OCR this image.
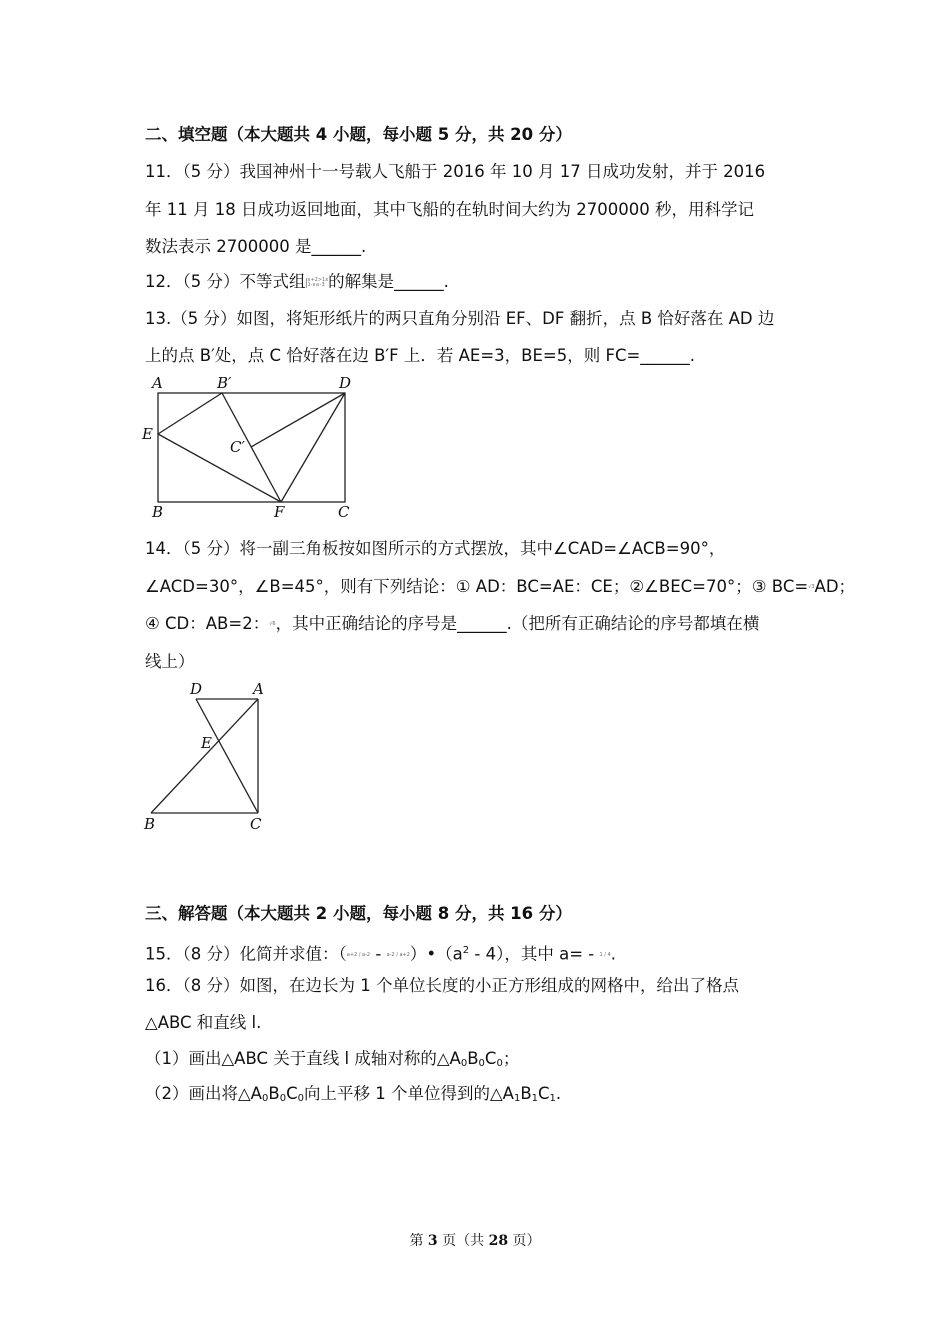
二、填空题（本大题共 4 小题，每小题 5 分，共 20 分）
11．（5 分）我国神州十一号载人飞船于 2016 年 10 月 17 日成功发射，并于 2016
年 11 月 18 日成功返回地面，其中飞船的在轨时间大约为 2700000 秒，用科学记
数法表示 2700000 是______.
12．（5 分）不等式组 x+2>1x
1-x≤-3 的解集是______.
13.（5 分）如图，将矩形纸片的两只直角分别沿 EF、DF 翻折，点 B 恰好落在 AD 边
上的点 B′处，点 C 恰好落在边 B′F 上．若 AE=3，BE=5，则 FC=______.
A	B′	D
E
C′
B	F	C
14．（5 分）将一副三角板按如图所示的方式摆放，其中∠CAD=∠ACB=90°，
∠ACD=30°，∠B=45°，则有下列结论：① AD：BC=AE：CE；②∠BEC=70°；③ BC=√3AD；
④ CD：AB=2：√6，其中正确结论的序号是______.（把所有正确结论的序号都填在横
线上）
D	A
E
B	C
三、解答题（本大题共 2 小题，每小题 8 分，共 16 分）
15．（8 分）化简并求值：$(a+2 / a-2 - a-2 / a+2)•(a^2 - 4)$，其中 a= - 1 / 4.
16．（8 分）如图，在边长为 1 个单位长度的小正方形组成的网格中，给出了格点
△ABC 和直线 l.
（1）画出△ABC 关于直线 l 成轴对称的$\triangle A_0B_0C_0$；
（2）画出将$\triangle A_0B_0C_0$向上平移 1 个单位得到的$\triangle A_1B_1C_1$.
第 3 页（共 28 页）
